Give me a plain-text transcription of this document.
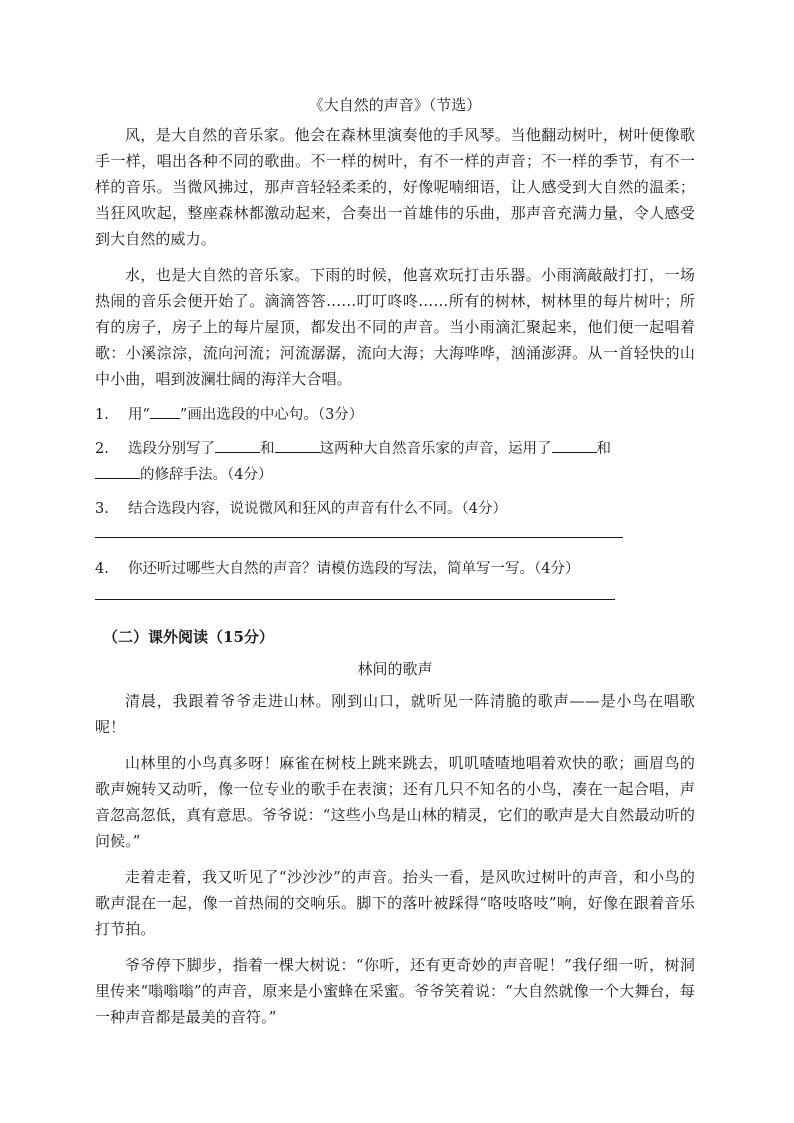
《大自然的声音》（节选）

风，是大自然的音乐家。他会在森林里演奏他的手风琴。当他翻动树叶，树叶便像歌手一样，唱出各种不同的歌曲。不一样的树叶，有不一样的声音；不一样的季节，有不一样的音乐。当微风拂过，那声音轻轻柔柔的，好像呢喃细语，让人感受到大自然的温柔；当狂风吹起，整座森林都激动起来，合奏出一首雄伟的乐曲，那声音充满力量，令人感受到大自然的威力。

水，也是大自然的音乐家。下雨的时候，他喜欢玩打击乐器。小雨滴敲敲打打，一场热闹的音乐会便开始了。滴滴答答……叮叮咚咚……所有的树林，树林里的每片树叶；所有的房子，房子上的每片屋顶，都发出不同的声音。当小雨滴汇聚起来，他们便一起唱着歌：小溪淙淙，流向河流；河流潺潺，流向大海；大海哗哗，汹涌澎湃。从一首轻快的山中小曲，唱到波澜壮阔的海洋大合唱。

1. 用“ ”画出选段的中心句。（3分）
2. 选段分别写了	和	这两种大自然音乐家的声音，运用了	和
的修辞手法。（4分）
3. 结合选段内容，说说微风和狂风的声音有什么不同。（4分）
4. 你还听过哪些大自然的声音？请模仿选段的写法，简单写一写。（4分）

（二）课外阅读（15分）

林间的歌声

清晨，我跟着爷爷走进山林。刚到山口，就听见一阵清脆的歌声——是小鸟在唱歌呢！

山林里的小鸟真多呀！麻雀在树枝上跳来跳去，叽叽喳喳地唱着欢快的歌；画眉鸟的歌声婉转又动听，像一位专业的歌手在表演；还有几只不知名的小鸟，凑在一起合唱，声音忽高忽低，真有意思。爷爷说：“这些小鸟是山林的精灵，它们的歌声是大自然最动听的问候。”

走着走着，我又听见了“沙沙沙”的声音。抬头一看，是风吹过树叶的声音，和小鸟的歌声混在一起，像一首热闹的交响乐。脚下的落叶被踩得“咯吱咯吱”响，好像在跟着音乐打节拍。

爷爷停下脚步，指着一棵大树说：“你听，还有更奇妙的声音呢！”我仔细一听，树洞里传来“嗡嗡嗡”的声音，原来是小蜜蜂在采蜜。爷爷笑着说：“大自然就像一个大舞台，每一种声音都是最美的音符。”
